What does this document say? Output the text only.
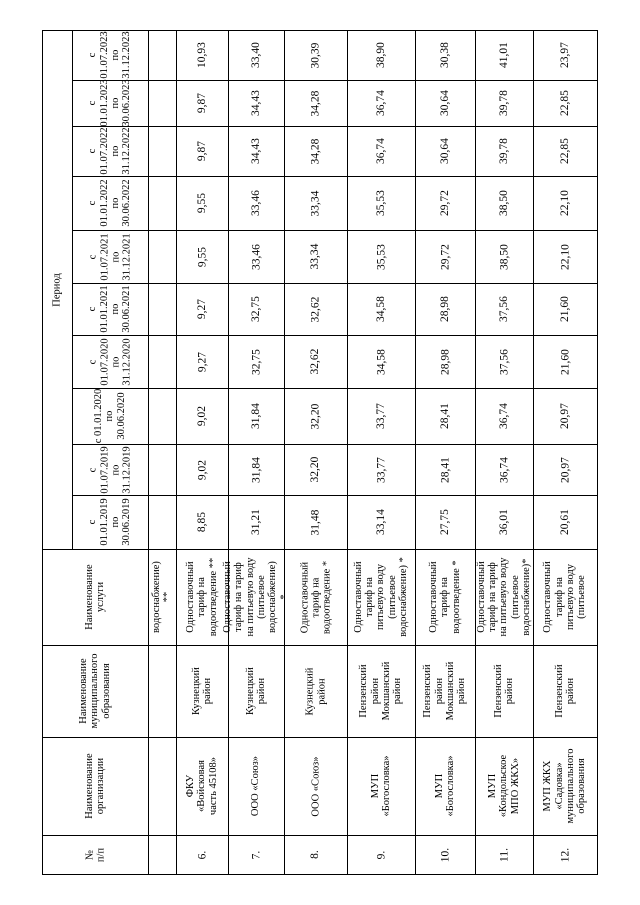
Период
с 01.01.2019
по
30.06.2019
с 01.07.2019
по
31.12.2019
с 01.01.2020
по
30.06.2020
с 01.07.2020
по
31.12.2020
с 01.01.2021
по
30.06.2021
с 01.07.2021
по
31.12.2021
с 01.01.2022
по
30.06.2022
с 01.07.2022
по
31.12.2022
с 01.01.2023
по
30.06.2023
с 01.07.2023
по
31.12.2023
Наименование
услуги
Наименование
муниципального
образования
Наименование
организации
№
п/п
водоснабжение)
**
8,85
9,02
9,02
9,27
9,27
9,55
9,55
9,87
9,87
10,93
Одноставочный
тариф на
водоотведение **
Кузнецкий
район
ФКУ
«Войсковая
часть 45108»
6.
31,21
31,84
31,84
32,75
32,75
33,46
33,46
34,43
34,43
33,40
Одноставочный
тариф на тариф
на питьевую воду
(питьевое
водоснабжение)
*
Кузнецкий
район
ООО «Союз»
7.
31,48
32,20
32,20
32,62
32,62
33,34
33,34
34,28
34,28
30,39
Одноставочный
тариф на
водоотведение *
Кузнецкий
район
ООО «Союз»
8.
33,14
33,77
33,77
34,58
34,58
35,53
35,53
36,74
36,74
38,90
Одноставочный
тариф на
питьевую воду
(питьевое
водоснабжение) *
Пензенский
район
Мокшанский
район
МУП
«Богословка»
9.
27,75
28,41
28,41
28,98
28,98
29,72
29,72
30,64
30,64
30,38
Одноставочный
тариф на
водоотведение *
Пензенский
район
Мокшанский
район
МУП
«Богословка»
10.
36,01
36,74
36,74
37,56
37,56
38,50
38,50
39,78
39,78
41,01
Одноставочный
тариф на тариф
на питьевую воду
(питьевое
водоснабжение)*
Пензенский
район
МУП
«Кондольское
МПО ЖКХ»
11.
20,61
20,97
20,97
21,60
21,60
22,10
22,10
22,85
22,85
23,97
Одноставочный
тариф на
питьевую воду
(питьевое
Пензенский
район
МУП ЖКХ
«Садовка»
муниципального
образования
12.
